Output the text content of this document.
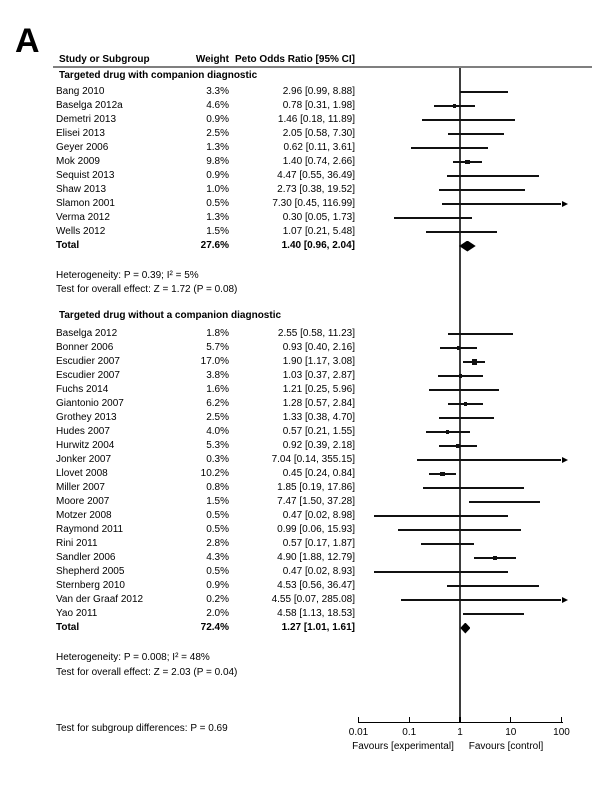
A Study or Subgroup	Weight Peto Odds Ratio [95% CI]
Targeted drug with companion diagnostic
Bang 2010	3.3%	2.96 [0.99, 8.88]
Baselga 2012a	4.6%	0.78 [0.31, 1.98]
Demetri 2013	0.9%	1.46 [0.18, 11.89]
Elisei 2013	2.5%	2.05 [0.58, 7.30]
Geyer 2006	1.3%	0.62 [0.11, 3.61]
Mok 2009	9.8%	1.40 [0.74, 2.66]
Sequist 2013	0.9%	4.47 [0.55, 36.49]
Shaw 2013	1.0%	2.73 [0.38, 19.52]
Slamon 2001	0.5%	7.30 [0.45, 116.99]
Verma 2012	1.3%	0.30 [0.05, 1.73]
Wells 2012	1.5%	1.07 [0.21, 5.48]
Total	27.6%	1.40 [0.96, 2.04]
Heterogeneity: P = 0.39; I² = 5%
Test for overall effect: Z = 1.72 (P = 0.08)
Targeted drug without a companion diagnostic
Baselga 2012	1.8%	2.55 [0.58, 11.23]
Bonner 2006	5.7%	0.93 [0.40, 2.16]
Escudier 2007	17.0%	1.90 [1.17, 3.08]
Escudier 2007	3.8%	1.03 [0.37, 2.87]
Fuchs 2014	1.6%	1.21 [0.25, 5.96]
Giantonio 2007	6.2%	1.28 [0.57, 2.84]
Grothey 2013	2.5%	1.33 [0.38, 4.70]
Hudes 2007	4.0%	0.57 [0.21, 1.55]
Hurwitz 2004	5.3%	0.92 [0.39, 2.18]
Jonker 2007	0.3%	7.04 [0.14, 355.15]
Llovet 2008	10.2%	0.45 [0.24, 0.84]
Miller 2007	0.8%	1.85 [0.19, 17.86]
Moore 2007	1.5%	7.47 [1.50, 37.28]
Motzer 2008	0.5%	0.47 [0.02, 8.98]
Raymond 2011	0.5%	0.99 [0.06, 15.93]
Rini 2011	2.8%	0.57 [0.17, 1.87]
Sandler 2006	4.3%	4.90 [1.88, 12.79]
Shepherd 2005	0.5%	0.47 [0.02, 8.93]
Sternberg 2010	0.9%	4.53 [0.56, 36.47]
Van der Graaf 2012	0.2%	4.55 [0.07, 285.08]
Yao 2011	2.0%	4.58 [1.13, 18.53]
Total	72.4%	1.27 [1.01, 1.61]
Heterogeneity: P = 0.008; I² = 48%
Test for overall effect: Z = 2.03 (P = 0.04)
0.01	0.1	1	10	100
Favours [experimental]	Favours [control]
Test for subgroup differences: P = 0.69
